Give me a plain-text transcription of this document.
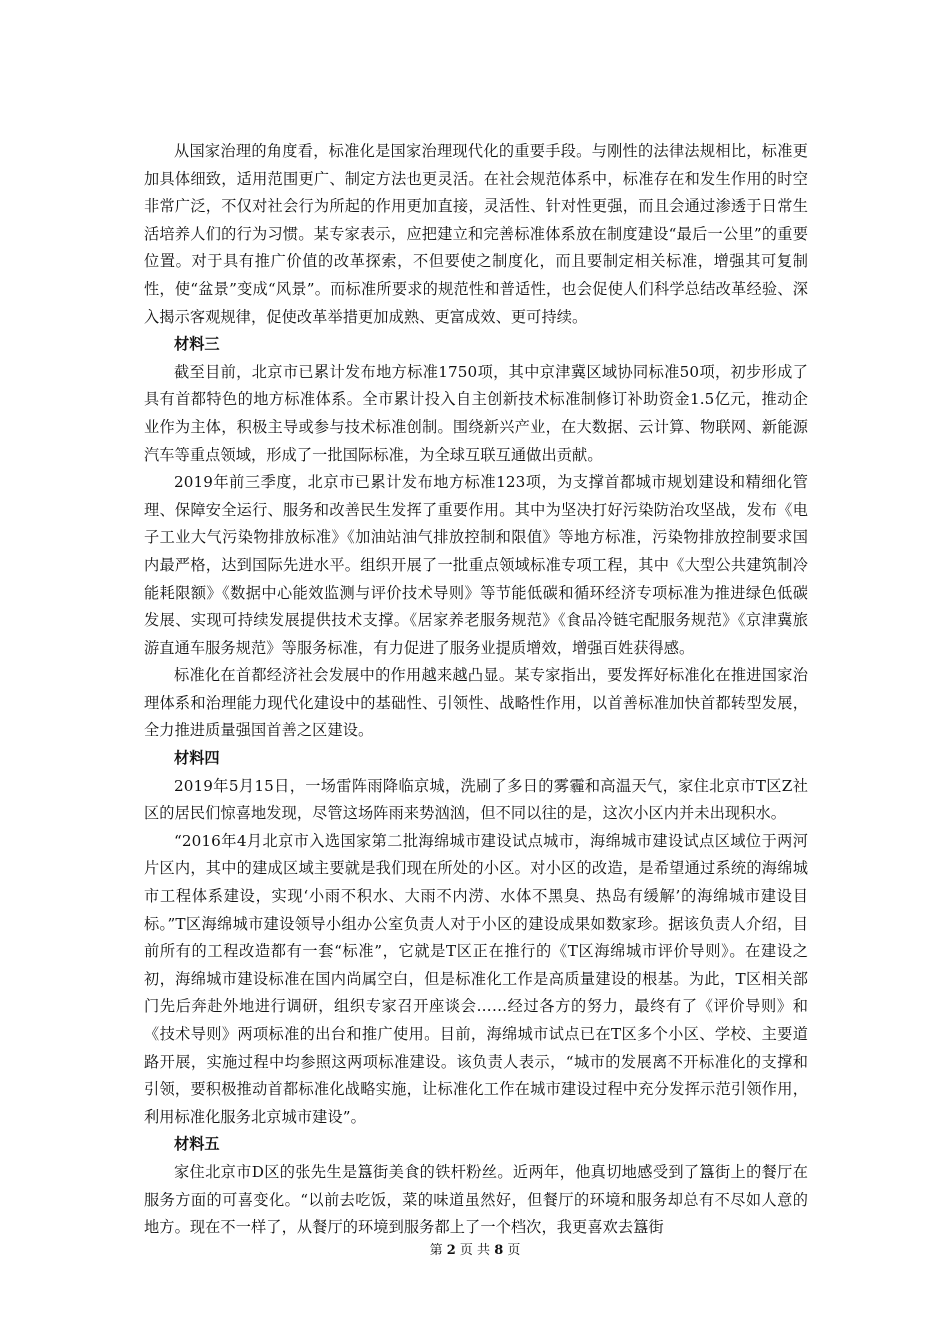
从国家治理的角度看，标准化是国家治理现代化的重要手段。与刚性的法律法规相比，标准更加具体细致，适用范围更广、制定方法也更灵活。在社会规范体系中，标准存在和发生作用的时空非常广泛，不仅对社会行为所起的作用更加直接，灵活性、针对性更强，而且会通过渗透于日常生活培养人们的行为习惯。某专家表示，应把建立和完善标准体系放在制度建设“最后一公里”的重要位置。对于具有推广价值的改革探索，不但要使之制度化，而且要制定相关标准，增强其可复制性，使“盆景”变成“风景”。而标准所要求的规范性和普适性，也会促使人们科学总结改革经验、深入揭示客观规律，促使改革举措更加成熟、更富成效、更可持续。

材料三

截至目前，北京市已累计发布地方标准1750项，其中京津冀区域协同标准50项，初步形成了具有首都特色的地方标准体系。全市累计投入自主创新技术标准制修订补助资金1.5亿元，推动企业作为主体，积极主导或参与技术标准创制。围绕新兴产业，在大数据、云计算、物联网、新能源汽车等重点领域，形成了一批国际标准，为全球互联互通做出贡献。

2019年前三季度，北京市已累计发布地方标准123项，为支撑首都城市规划建设和精细化管理、保障安全运行、服务和改善民生发挥了重要作用。其中为坚决打好污染防治攻坚战，发布《电子工业大气污染物排放标准》《加油站油气排放控制和限值》等地方标准，污染物排放控制要求国内最严格，达到国际先进水平。组织开展了一批重点领域标准专项工程，其中《大型公共建筑制冷能耗限额》《数据中心能效监测与评价技术导则》等节能低碳和循环经济专项标准为推进绿色低碳发展、实现可持续发展提供技术支撑。《居家养老服务规范》《食品冷链宅配服务规范》《京津冀旅游直通车服务规范》等服务标准，有力促进了服务业提质增效，增强百姓获得感。

标准化在首都经济社会发展中的作用越来越凸显。某专家指出，要发挥好标准化在推进国家治理体系和治理能力现代化建设中的基础性、引领性、战略性作用，以首善标准加快首都转型发展，全力推进质量强国首善之区建设。

材料四

2019年5月15日，一场雷阵雨降临京城，洗刷了多日的雾霾和高温天气，家住北京市T区Z社区的居民们惊喜地发现，尽管这场阵雨来势汹汹，但不同以往的是，这次小区内并未出现积水。

“2016年4月北京市入选国家第二批海绵城市建设试点城市，海绵城市建设试点区域位于两河片区内，其中的建成区域主要就是我们现在所处的小区。对小区的改造，是希望通过系统的海绵城市工程体系建设，实现‘小雨不积水、大雨不内涝、水体不黑臭、热岛有缓解’的海绵城市建设目标。”T区海绵城市建设领导小组办公室负责人对于小区的建设成果如数家珍。据该负责人介绍，目前所有的工程改造都有一套“标准”，它就是T区正在推行的《T区海绵城市评价导则》。在建设之初，海绵城市建设标准在国内尚属空白，但是标准化工作是高质量建设的根基。为此，T区相关部门先后奔赴外地进行调研，组织专家召开座谈会……经过各方的努力，最终有了《评价导则》和《技术导则》两项标准的出台和推广使用。目前，海绵城市试点已在T区多个小区、学校、主要道路开展，实施过程中均参照这两项标准建设。该负责人表示，“城市的发展离不开标准化的支撑和引领，要积极推动首都标准化战略实施，让标准化工作在城市建设过程中充分发挥示范引领作用，利用标准化服务北京城市建设”。

材料五

家住北京市D区的张先生是簋街美食的铁杆粉丝。近两年，他真切地感受到了簋街上的餐厅在服务方面的可喜变化。“以前去吃饭，菜的味道虽然好，但餐厅的环境和服务却总有不尽如人意的地方。现在不一样了，从餐厅的环境到服务都上了一个档次，我更喜欢去簋街

第 2 页 共 8 页
